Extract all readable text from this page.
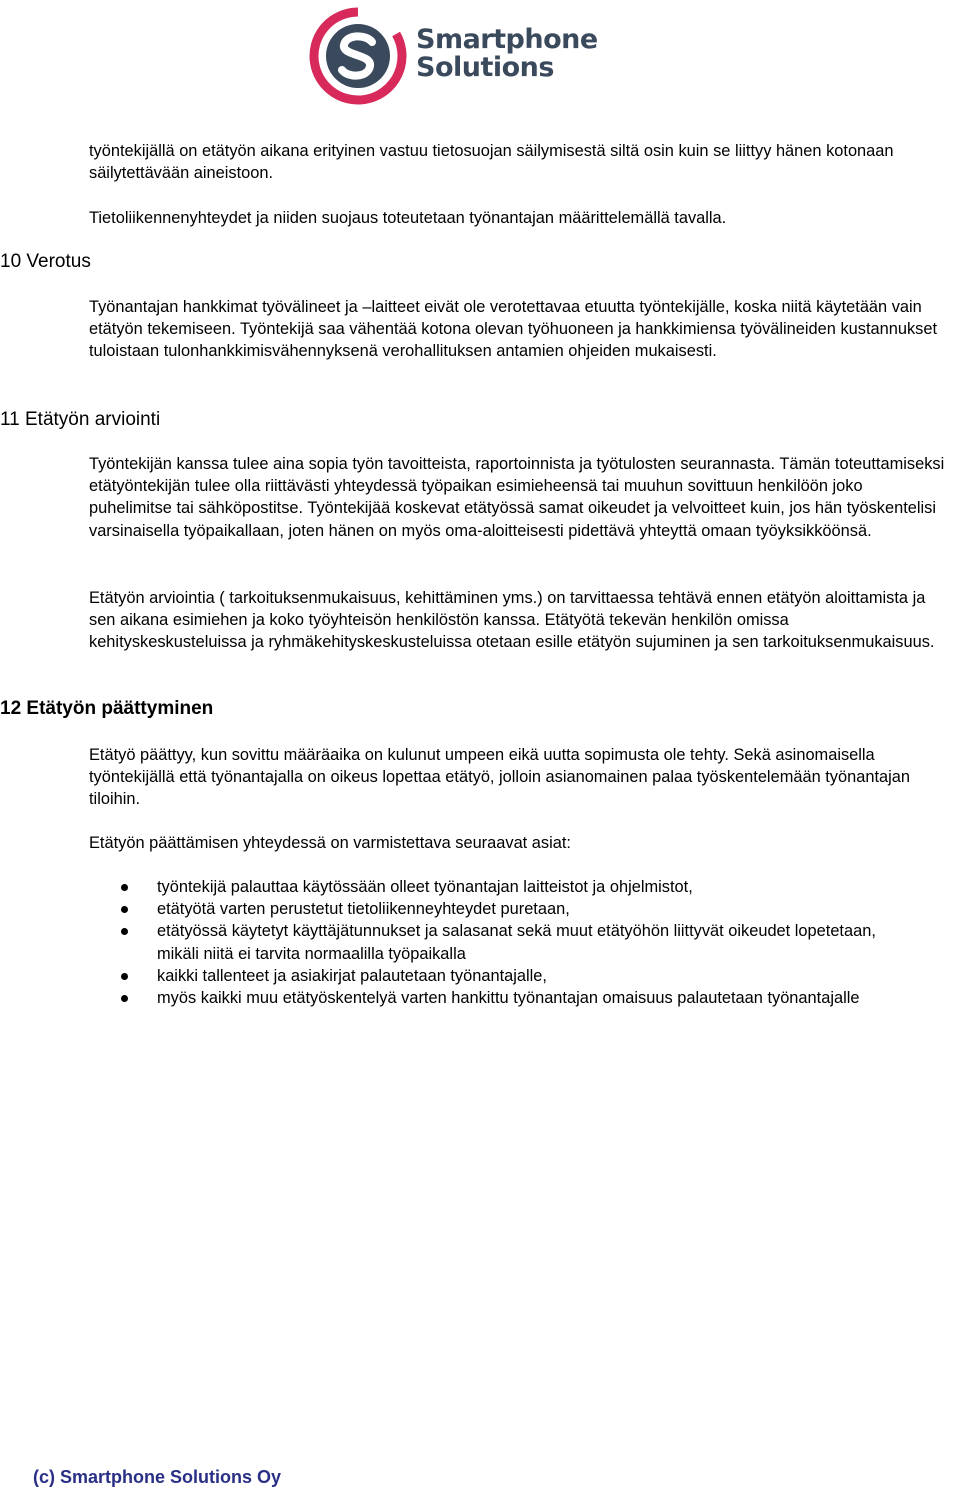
Smartphone
Solutions

työntekijällä on etätyön aikana erityinen vastuu tietosuojan säilymisestä siltä osin kuin se liittyy hänen kotonaan säilytettävään aineistoon.

Tietoliikennenyhteydet ja niiden suojaus toteutetaan työnantajan määrittelemällä tavalla.

10 Verotus

Työnantajan hankkimat työvälineet ja –laitteet eivät ole verotettavaa etuutta työntekijälle, koska niitä käytetään vain etätyön tekemiseen. Työntekijä saa vähentää kotona olevan työhuoneen ja hankkimiensa työvälineiden kustannukset tuloistaan tulonhankkimisvähennyksenä verohallituksen antamien ohjeiden mukaisesti.

11 Etätyön arviointi

Työntekijän kanssa tulee aina sopia työn tavoitteista, raportoinnista ja työtulosten seurannasta. Tämän toteuttamiseksi etätyöntekijän tulee olla riittävästi yhteydessä työpaikan esimieheensä tai muuhun sovittuun henkilöön joko puhelimitse tai sähköpostitse. Työntekijää koskevat etätyössä samat oikeudet ja velvoitteet kuin, jos hän työskentelisi varsinaisella työpaikallaan, joten hänen on myös oma-aloitteisesti pidettävä yhteyttä omaan työyksikköönsä.

Etätyön arviointia ( tarkoituksenmukaisuus, kehittäminen yms.) on tarvittaessa tehtävä ennen etätyön aloittamista ja sen aikana esimiehen ja koko työyhteisön henkilöstön kanssa. Etätyötä tekevän henkilön omissa kehityskeskusteluissa ja ryhmäkehityskeskusteluissa otetaan esille etätyön sujuminen ja sen tarkoituksenmukaisuus.

12 Etätyön päättyminen

Etätyö päättyy, kun sovittu määräaika on kulunut umpeen eikä uutta sopimusta ole tehty. Sekä asinomaisella työntekijällä että työnantajalla on oikeus lopettaa etätyö, jolloin asianomainen palaa työskentelemään työnantajan tiloihin.

Etätyön päättämisen yhteydessä on varmistettava seuraavat asiat:

työntekijä palauttaa käytössään olleet työnantajan laitteistot ja ohjelmistot,
etätyötä varten perustetut tietoliikenneyhteydet puretaan,
etätyössä käytetyt käyttäjätunnukset ja salasanat sekä muut etätyöhön liittyvät oikeudet lopetetaan, mikäli niitä ei tarvita normaalilla työpaikalla
kaikki tallenteet ja asiakirjat palautetaan työnantajalle,
myös kaikki muu etätyöskentelyä varten hankittu työnantajan omaisuus palautetaan työnantajalle
(c) Smartphone Solutions Oy
